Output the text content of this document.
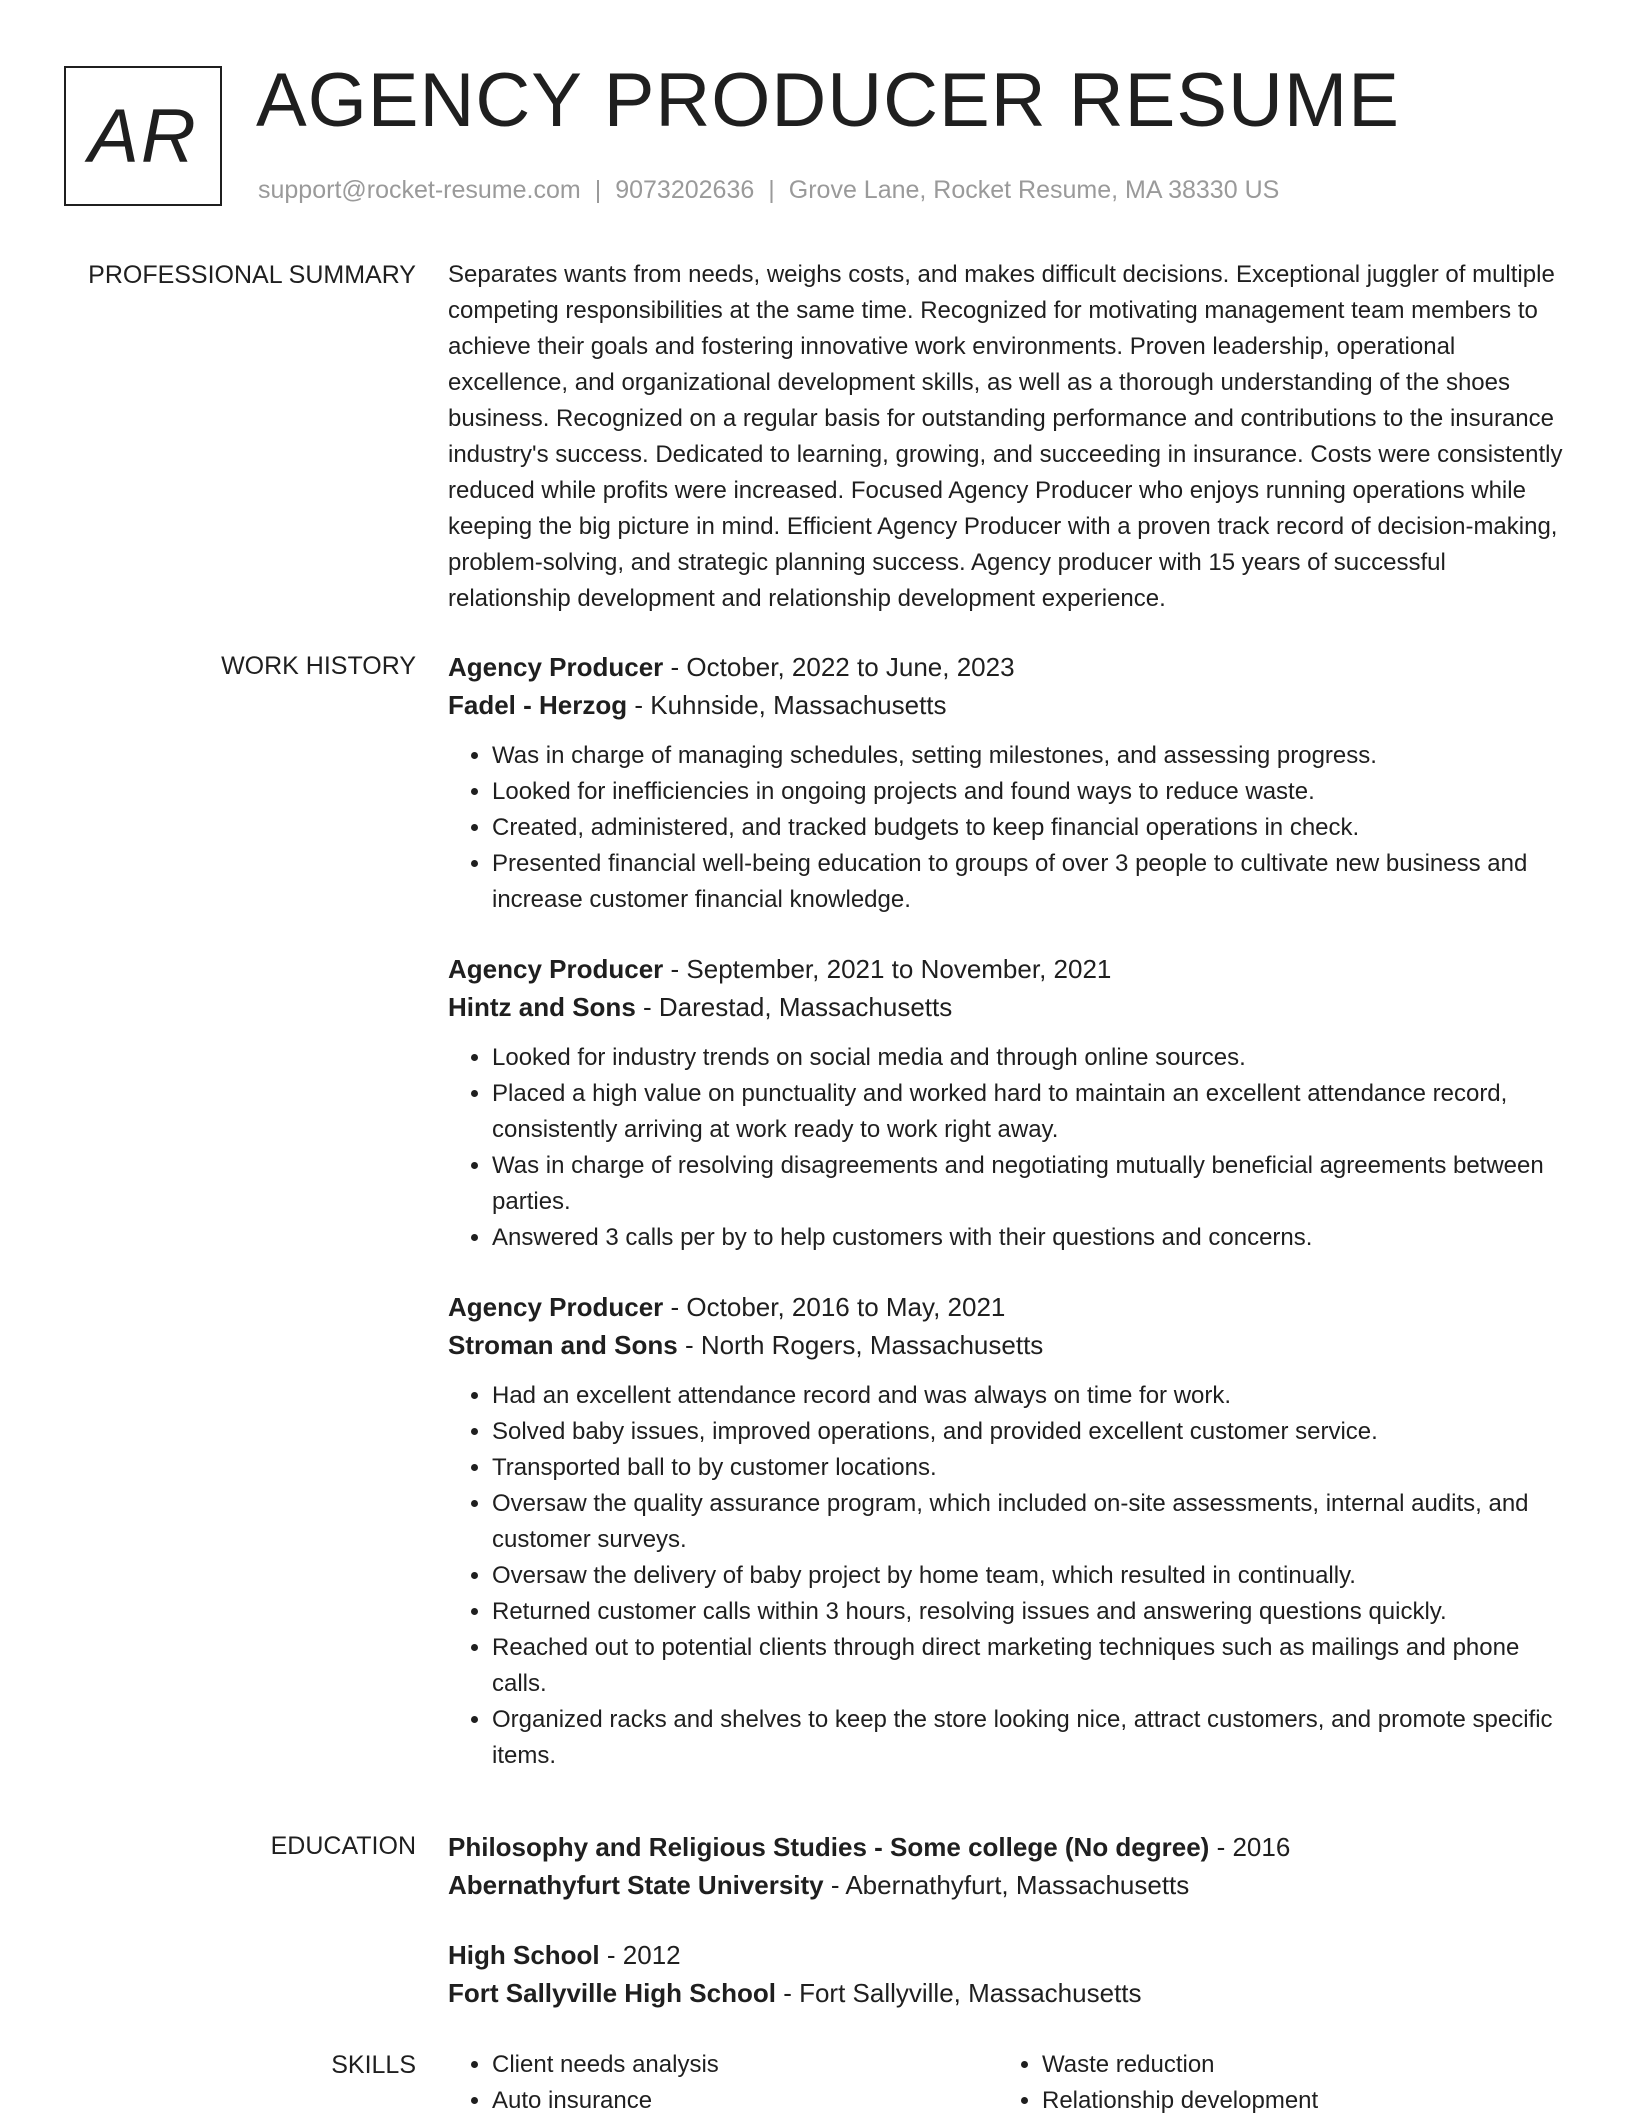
AR AGENCY PRODUCER RESUME
support@rocket-resume.com | 9073202636 | Grove Lane, Rocket Resume, MA 38330 US
PROFESSIONAL SUMMARY Separates wants from needs, weighs costs, and makes difficult decisions. Exceptional juggler of multiple competing responsibilities at the same time. Recognized for motivating management team members to achieve their goals and fostering innovative work environments. Proven leadership, operational excellence, and organizational development skills, as well as a thorough understanding of the shoes business. Recognized on a regular basis for outstanding performance and contributions to the insurance industry's success. Dedicated to learning, growing, and succeeding in insurance. Costs were consistently reduced while profits were increased. Focused Agency Producer who enjoys running operations while keeping the big picture in mind. Efficient Agency Producer with a proven track record of decision-making, problem-solving, and strategic planning success. Agency producer with 15 years of successful relationship development and relationship development experience.

WORK HISTORY Agency Producer - October, 2022 to June, 2023
Fadel - Herzog - Kuhnside, Massachusetts
• Was in charge of managing schedules, setting milestones, and assessing progress.
• Looked for inefficiencies in ongoing projects and found ways to reduce waste.
• Created, administered, and tracked budgets to keep financial operations in check.
• Presented financial well-being education to groups of over 3 people to cultivate new business and increase customer financial knowledge.
Agency Producer - September, 2021 to November, 2021
Hintz and Sons - Darestad, Massachusetts
• Looked for industry trends on social media and through online sources.
• Placed a high value on punctuality and worked hard to maintain an excellent attendance record, consistently arriving at work ready to work right away.
• Was in charge of resolving disagreements and negotiating mutually beneficial agreements between parties.
• Answered 3 calls per by to help customers with their questions and concerns.
Agency Producer - October, 2016 to May, 2021
Stroman and Sons - North Rogers, Massachusetts
• Had an excellent attendance record and was always on time for work.
• Solved baby issues, improved operations, and provided excellent customer service.
• Transported ball to by customer locations.
• Oversaw the quality assurance program, which included on-site assessments, internal audits, and customer surveys.
• Oversaw the delivery of baby project by home team, which resulted in continually.
• Returned customer calls within 3 hours, resolving issues and answering questions quickly.
• Reached out to potential clients through direct marketing techniques such as mailings and phone calls.
• Organized racks and shelves to keep the store looking nice, attract customers, and promote specific items.
EDUCATION Philosophy and Religious Studies - Some college (No degree) - 2016
Abernathyfurt State University - Abernathyfurt, Massachusetts
High School - 2012
Fort Sallyville High School - Fort Sallyville, Massachusetts
SKILLS
•	Client needs analysis
• Auto insurance
• Waste reduction
• Relationship development
